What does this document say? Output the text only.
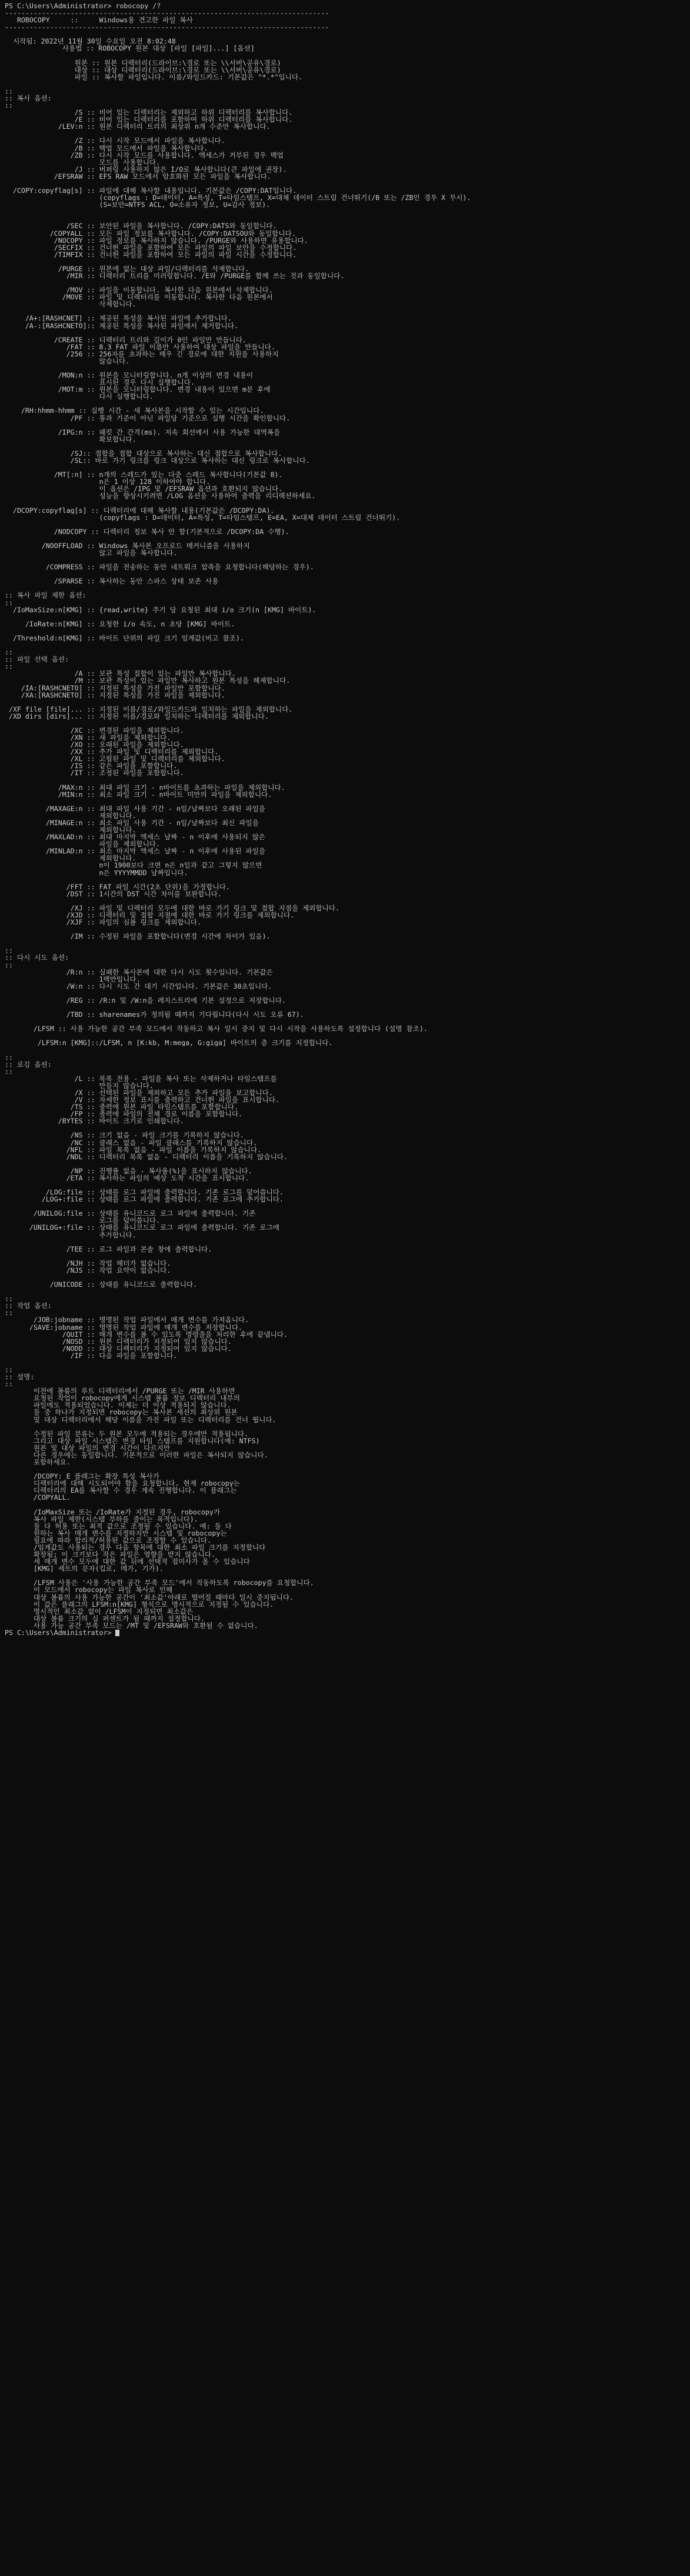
PS C:\Users\Administrator> robocopy /?
-------------------------------------------------------------------------------
ROBOCOPY     ::     Windows용 견고한 파일 복사
-------------------------------------------------------------------------------
시작됨: 2022년 11월 30일 수요일 오전 8:02:48
사용법 :: ROBOCOPY 원본 대상 [파일 [파일]...] [옵션]
원본 :: 원본 디렉터리(드라이브:\경로 또는 \\서버\공유\경로)
대상 :: 대상 디렉터리(드라이브:\경로 또는 \\서버\공유\경로)
파일 :: 복사할 파일입니다. 이름/와일드카드: 기본값은 "*.*"입니다.
::
:: 복사 옵션:
::
/S :: 비어 있는 디렉터리는 제외하고 하위 디렉터리를 복사합니다.
/E :: 비어 있는 디렉터리를 포함하여 하위 디렉터리를 복사합니다.
/LEV:n :: 원본 디렉터리 트리의 최상위 n개 수준만 복사합니다.
/Z :: 다시 시작 모드에서 파일을 복사합니다.
/B :: 백업 모드에서 파일을 복사합니다.
/ZB :: 다시 시작 모드를 사용합니다. 액세스가 거부된 경우 백업
모드를 사용합니다.
/J :: 버퍼링 사용하지 않은 I/O로 복사합니다(큰 파일에 권장).
/EFSRAW :: EFS RAW 모드에서 암호화된 모든 파일을 복사합니다.
/COPY:copyflag[s] :: 파일에 대해 복사할 내용입니다. 기본값은 /COPY:DAT입니다.
(copyflags : D=데이터, A=특성, T=타임스탬프, X=대체 데이터 스트림 건너뛰기(/B 또는 /ZB인 경우 X 무시).
(S=보안=NTFS ACL, O=소유자 정보, U=감사 정보).
/SEC :: 보안된 파일을 복사합니다. /COPY:DATS와 동일합니다.
/COPYALL :: 모든 파일 정보를 복사합니다. /COPY:DATSOU와 동일합니다.
/NOCOPY :: 파일 정보를 복사하지 않습니다. /PURGE와 사용하면 유용합니다.
/SECFIX :: 건너뛴 파일을 포함하여 모든 파일의 파일 보안을 수정합니다.
/TIMFIX :: 건너뛴 파일을 포함하여 모든 파일의 파일 시간을 수정합니다.
/PURGE :: 원본에 없는 대상 파일/디렉터리를 삭제합니다.
/MIR :: 디렉터리 트리를 미러링합니다. /E와 /PURGE를 함께 쓰는 것과 동일합니다.
/MOV :: 파일을 이동합니다. 복사한 다음 원본에서 삭제합니다.
/MOVE :: 파일 및 디렉터리를 이동합니다. 복사한 다음 원본에서
삭제합니다.
/A+:[RASHCNET] :: 제공된 특성을 복사된 파일에 추가합니다.
/A-:[RASHCNETO]:: 제공된 특성을 복사된 파일에서 제거합니다.
/CREATE :: 디렉터리 트리와 길이가 0인 파일만 만듭니다.
/FAT :: 8.3 FAT 파일 이름만 사용하여 대상 파일을 만듭니다.
/256 :: 256자를 초과하는 매우 긴 경로에 대한 지원을 사용하지
않습니다.
/MON:n :: 원본을 모니터링합니다. n개 이상의 변경 내용이
표시된 경우 다시 실행합니다.
/MOT:m :: 원본을 모니터링합니다. 변경 내용이 있으면 m분 후에
다시 실행합니다.
/RH:hhmm-hhmm :: 실행 시간 - 새 복사본을 시작할 수 있는 시간입니다.
/PF :: 통과 기준이 아닌 파일당 기준으로 실행 시간을 확인합니다.
/IPG:n :: 패킷 간 간격(ms). 저속 회선에서 사용 가능한 대역폭을
확보합니다.
/SJ:: 접합을 접합 대상으로 복사하는 대신 접합으로 복사합니다.
/SL:: 바로 가기 링크를 링크 대상으로 복사하는 대신 링크로 복사합니다.
/MT[:n] :: n개의 스레드가 있는 다중 스레드 복사합니다(기본값 8).
n은 1 이상 128 이하여야 합니다.
이 옵션은 /IPG 및 /EFSRAW 옵션과 호환되지 않습니다.
성능을 향상시키려면 /LOG 옵션을 사용하여 출력을 리디렉션하세요.
/DCOPY:copyflag[s] :: 디렉터리에 대해 복사할 내용(기본값은 /DCOPY:DA).
(copyflags : D=데이터, A=특성, T=타임스탬프, E=EA, X=대체 데이터 스트림 건너뛰기).
/NODCOPY :: 디렉터리 정보 복사 안 함(기본적으로 /DCOPY:DA 수행).
/NOOFFLOAD :: Windows 복사본 오프로드 메커니즘을 사용하지
않고 파일을 복사합니다.
/COMPRESS :: 파일을 전송하는 동안 네트워크 압축을 요청합니다(해당하는 경우).
/SPARSE :: 복사하는 동안 스파스 상태 보존 사용
:: 복사 파일 제한 옵션:
::
/IoMaxSize:n[KMG] :: {read,write} 주기 당 요청된 최대 i/o 크기(n [KMG] 바이트).
/IoRate:n[KMG] :: 요청한 i/o 속도, n 초당 [KMG] 바이트.
/Threshold:n[KMG] :: 바이트 단위의 파일 크기 임계값(비고 참조).
::
:: 파일 선택 옵션:
::
/A :: 보관 특성 집합이 있는 파일만 복사합니다.
/M :: 보관 특성이 있는 파일만 복사하고 원본 특성을 해제합니다.
/IA:[RASHCNETO] :: 지정된 특성을 가진 파일만 포함합니다.
/XA:[RASHCNETO] :: 지정된 특성을 가진 파일을 제외합니다.
/XF file [file]... :: 지정된 이름/경로/와일드카드와 일치하는 파일을 제외합니다.
/XD dirs [dirs]... :: 지정된 이름/경로와 일치하는 디렉터리를 제외합니다.
/XC :: 변경된 파일을 제외합니다.
/XN :: 새 파일을 제외합니다.
/XO :: 오래된 파일을 제외합니다.
/XX :: 추가 파일 및 디렉터리를 제외합니다.
/XL :: 고립된 파일 및 디렉터리를 제외합니다.
/IS :: 같은 파일을 포함합니다.
/IT :: 조정된 파일을 포함합니다.
/MAX:n :: 최대 파일 크기 - n바이트를 초과하는 파일을 제외합니다.
/MIN:n :: 최소 파일 크기 - n바이트 미만의 파일을 제외합니다.
/MAXAGE:n :: 최대 파일 사용 기간 - n일/날짜보다 오래된 파일을
제외합니다.
/MINAGE:n :: 최소 파일 사용 기간 - n일/날짜보다 최신 파일을
제외합니다.
/MAXLAD:n :: 최대 마지막 액세스 날짜 - n 이후에 사용되지 않은
파일을 제외합니다.
/MINLAD:n :: 최소 마지막 액세스 날짜 - n 이후에 사용된 파일을
제외합니다.
n이 1900보다 크면 n은 n일과 같고 그렇지 않으면
n은 YYYYMMDD 날짜입니다.
/FFT :: FAT 파일 시간(2초 단위)을 가정합니다.
/DST :: 1시간의 DST 시간 차이를 보완합니다.
/XJ :: 파일 및 디렉터리 모두에 대한 바로 가기 링크 및 접합 지점을 제외합니다.
/XJD :: 디렉터리 및 접합 지점에 대한 바로 가기 링크를 제외합니다.
/XJF :: 파일의 심볼 링크를 제외합니다.
/IM :: 수정된 파일을 포함합니다(변경 시간에 차이가 있음).
::
:: 다시 시도 옵션:
::
/R:n :: 실패한 복사본에 대한 다시 시도 횟수입니다. 기본값은
1백만입니다.
/W:n :: 다시 시도 간 대기 시간입니다. 기본값은 30초입니다.
/REG :: /R:n 및 /W:n을 레지스트리에 기본 설정으로 저장합니다.
/TBD :: sharenames가 정의될 때까지 기다립니다(다시 시도 오류 67).
/LFSM :: 사용 가능한 공간 부족 모드에서 작동하고 복사 일시 중지 및 다시 시작을 사용하도록 설정합니다 (설명 참조).
/LFSM:n [KMG]::/LFSM, n [K:kb, M:mega, G:giga] 바이트의 층 크기를 지정합니다.
::
:: 로깅 옵션:
::
/L :: 목록 전용 - 파일을 복사 또는 삭제하거나 타임스탬프를
만들지 않습니다.
/X :: 선택된 파일을 제외하고 모든 추가 파일을 보고합니다.
/V :: 자세한 정보 표시를 출력하고 건너뛴 파일을 표시합니다.
/TS :: 출력에 원본 파일 타임스탬프를 포함합니다.
/FP :: 출력에 파일의 전체 경로 이름을 포함합니다.
/BYTES :: 바이트 크기로 인쇄합니다.
/NS :: 크기 없음 - 파일 크기를 기록하지 않습니다.
/NC :: 클래스 없음 - 파일 클래스를 기록하지 않습니다.
/NFL :: 파일 목록 없음 - 파일 이름을 기록하지 않습니다.
/NDL :: 디렉터리 목록 없음 - 디렉터리 이름을 기록하지 않습니다.
/NP :: 진행률 없음 - 복사율(%)을 표시하지 않습니다.
/ETA :: 복사하는 파일의 예상 도착 시간을 표시합니다.
/LOG:file :: 상태를 로그 파일에 출력합니다. 기존 로그를 덮어씁니다.
/LOG+:file :: 상태를 로그 파일에 출력합니다. 기존 로그에 추가합니다.
/UNILOG:file :: 상태를 유니코드로 로그 파일에 출력합니다. 기존
로그를 덮어씁니다.
/UNILOG+:file :: 상태를 유니코드로 로그 파일에 출력합니다. 기존 로그에
추가합니다.
/TEE :: 로그 파일과 콘솔 창에 출력합니다.
/NJH :: 작업 헤더가 없습니다.
/NJS :: 작업 요약이 없습니다.
/UNICODE :: 상태를 유니코드로 출력합니다.
::
:: 작업 옵션:
::
/JOB:jobname :: 명명된 작업 파일에서 매개 변수를 가져옵니다.
/SAVE:jobname :: 명명된 작업 파일에 매개 변수를 저장합니다.
/QUIT :: 매개 변수를 볼 수 있도록 명령줄을 처리한 후에 끝냅니다.
/NOSD :: 원본 디렉터리가 지정되어 있지 않습니다.
/NODD :: 대상 디렉터리가 지정되어 있지 않습니다.
/IF :: 다음 파일을 포함합니다.
::
:: 설명:
::
이전에 볼륨의 루트 디렉터리에서 /PURGE 또는 /MIR 사용하면
요청된 작업이 robocopy에게 시스템 볼륨 정보 디렉터리 내부의
파일에도 적용되었습니다. 이제는 더 이상 적용되지 않습니다.
둘 중 하나가 지정되면 robocopy는 복사본 세션의 최상위 원본
및 대상 디렉터리에서 해당 이름을 가진 파일 또는 디렉터리를 건너 뜁니다.
수정된 파일 분류는 두 원본 모두에 적용되는 경우에만 적용됩니다.
그리고 대상 파일 시스템은 변경 타임 스탬프를 지원합니다(예: NTFS)
원본 및 대상 파일의 변경 시간이 다르지만
다른 경우에는 동일합니다. 기본적으로 이러한 파일은 복사되지 않습니다.
포함하세요.
/DCOPY: E 플래그는 확장 특성 복사가
디렉터리에 대해 시도되어야 함을 요청합니다. 현재 robocopy는
디렉터리의 EA를 복사할 수 경우 계속 진행합니다. 이 플래그는
/COPYALL.
/IoMaxSize 또는 /IoRate가 지정된 경우, robocopy가
복사 파일 제한(시스템 부하를 줄이는 목적입니다).
둘 다 허용 또는 최적 값으로 조정될 수 있습니다. 예: 둘 다
원하는 복사 매개 변수를 지정하지만 시스템 및 robocopy는
필요에 따라 합리적/허용된 값으로 조정할 수 있습니다.
/임계값도 사용되는 경우 다음 항목에 대한 최소 파일 크기를 지정합니다
확장됨; 이 크기보다 작은 파일은 영향을 받지 않습니다.
세 매개 변수 모두에 대한 값 뒤에 선택적 접미사가 올 수 있습니다
[KMG] 세트의 문자(킬로, 메가, 기가).
/LFSM 사용은 '사용 가능한 공간 부족 모드'에서 작동하도록 robocopy를 요청합니다.
이 모드에서 robocopy는 파일 복사로 인해
대상 볼륨의 사용 가능한 공간이 '최소값'아래로 떨어질 때마다 일시 중지됩니다.
이 값은 플래그의 LFSM:n[KMG] 형식으로 명시적으로 지정될 수 있습니다.
명시적인 최소값 없이 /LFSM이 지정되면 최소값은
대상 볼륨 크기의 십 퍼센트가 될 때까지 설정합니다.
사용 가능 공간 부족 모드는 /MT 및 /EFSRAW와 호환될 수 없습니다.
PS C:\Users\Administrator>
